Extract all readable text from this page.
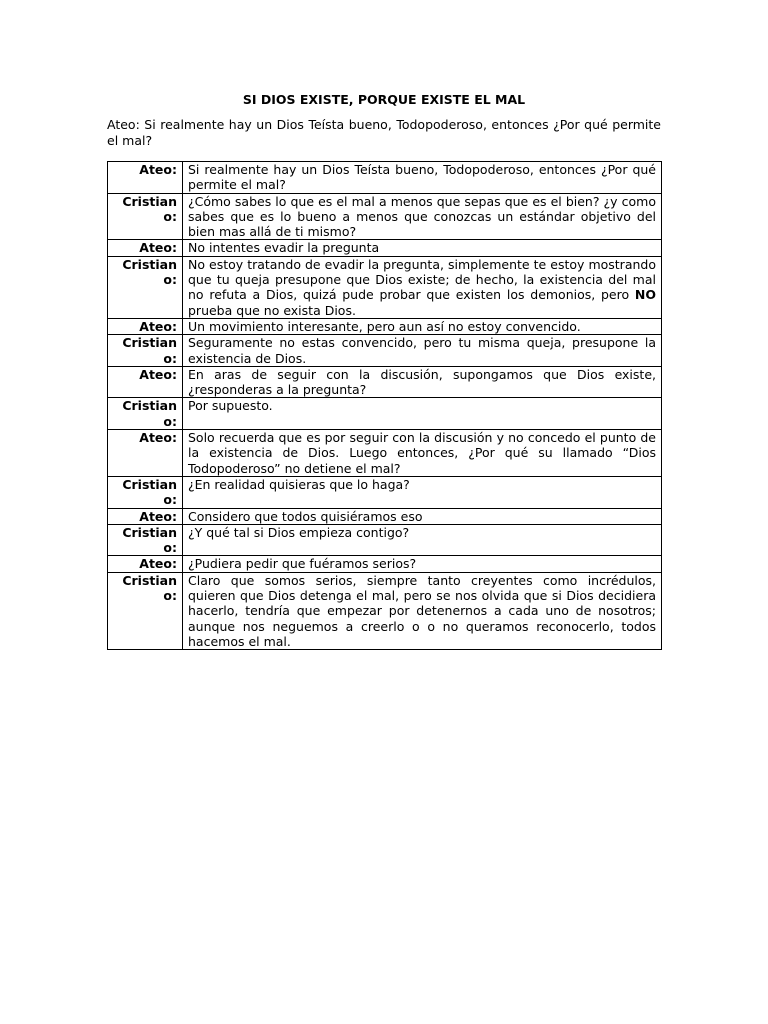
SI DIOS EXISTE, PORQUE EXISTE EL MAL
Ateo: Si realmente hay un Dios Teísta bueno, Todopoderoso, entonces ¿Por qué permite el mal?
Ateo:	Si realmente hay un Dios Teísta bueno, Todopoderoso, entonces ¿Por qué permite el mal?
Cristiano:	¿Cómo sabes lo que es el mal a menos que sepas que es el bien? ¿y como sabes que es lo bueno a menos que conozcas un estándar objetivo del bien mas allá de ti mismo?
Ateo:	No intentes evadir la pregunta
Cristiano:	No estoy tratando de evadir la pregunta, simplemente te estoy mostrando que tu queja presupone que Dios existe; de hecho, la existencia del mal no refuta a Dios, quizá pude probar que existen los demonios, pero NO prueba que no exista Dios.
Ateo:	Un movimiento interesante, pero aun así no estoy convencido.
Cristiano:	Seguramente no estas convencido, pero tu misma queja, presupone la existencia de Dios.
Ateo:	En aras de seguir con la discusión, supongamos que Dios existe, ¿responderas a la pregunta?
Cristiano:	Por supuesto.
Ateo:	Solo recuerda que es por seguir con la discusión y no concedo el punto de la existencia de Dios. Luego entonces, ¿Por qué su llamado “Dios Todopoderoso” no detiene el mal?
Cristiano:	¿En realidad quisieras que lo haga?
Ateo:	Considero que todos quisiéramos eso
Cristiano:	¿Y qué tal si Dios empieza contigo?
Ateo:	¿Pudiera pedir que fuéramos serios?
Cristiano:	Claro que somos serios, siempre tanto creyentes como incrédulos, quieren que Dios detenga el mal, pero se nos olvida que si Dios decidiera hacerlo, tendría que empezar por detenernos a cada uno de nosotros; aunque nos neguemos a creerlo o o no queramos reconocerlo, todos hacemos el mal.
